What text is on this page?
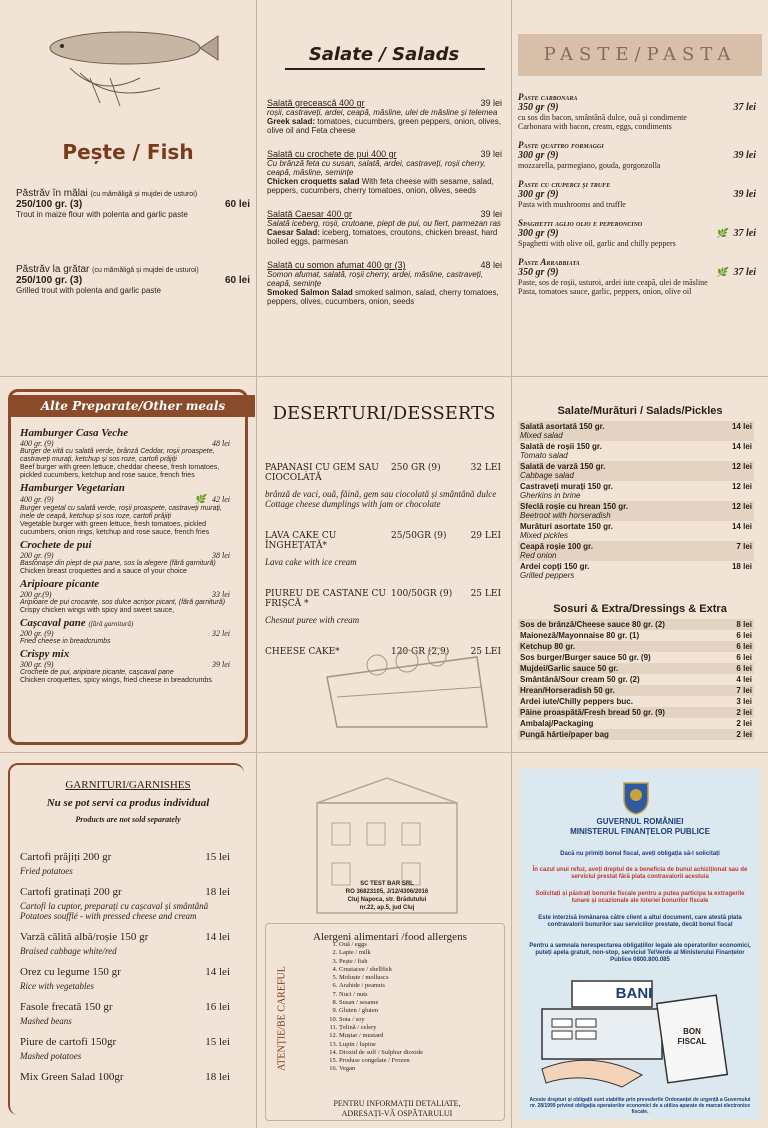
Pește / Fish
Păstrăv în mălai (cu mămăligă și mujdei de usturoi)
250/100 gr. (3)	60 lei
Trout in maize flour with polenta and garlic paste
Păstrăv la grătar (cu mămăligă și mujdei de usturoi)
250/100 gr. (3)	60 lei
Grilled trout with polenta and garlic paste
Salate / Salads
Salată grecească 400 gr	39 lei
roșii, castraveți, ardei, ceapă, măsline, ulei de măsline și telemea
Greek salad: tomatoes, cucumbers, green peppers, onion, olives, olive oil and Feta cheese
Salată cu crochete de pui 400 gr	39 lei
Cu brânză feta cu susan, salată, ardei, castraveți, roșii cherry, ceapă, măsline, semințe
Chicken croquetts salad With feta cheese with sesame, salad, peppers, cucumbers, cherry tomatoes, onion, olives, seeds
Salată Caesar 400 gr	39 lei
Salată iceberg, roșii, crutoane, piept de pui, ou fiert, parmezan ras
Caesar Salad: iceberg, tomatoes, croutons, chicken breast, hard boiled eggs, parmesan
Salată cu somon afumat 400 gr (3)	48 lei
Somon afumat, salată, roșii cherry, ardei, măsline, castraveți, ceapă, semințe
Smoked Salmon Salad smoked salmon, salad, cherry tomatoes, peppers, olives, cucumbers, onion, seeds
PASTE/PASTA
Paste carbonara
350 gr (9)	37 lei
cu sos din bacon, smântână dulce, ouă și condimente
Carbonara with bacon, cream, eggs, condiments
Paste quattro formaggi
300 gr (9)	39 lei
mozzarella, parmegiano, gouda, gorgonzolla
Paste cu ciuperci și trufe
300 gr (9)	39 lei
Pasta with mushrooms and truffle
Spaghetti aglio olio e peperoncino
300 gr (9)	🌿 37 lei
Spaghetti with olive oil, garlic and chilly peppers
Paste Arrabbiata
350 gr (9)	🌿 37 lei
Paste, sos de roșii, usturoi, ardei iute ceapă, ulei de măsline
Pasta, tomatoes sauce, garlic, peppers, onion, olive oil
Alte Preparate/Other meals
Hamburger Casa Veche
400 gr. (9)	48 lei
Burger de vită cu salată verde, brânză Ceddar, roșii proaspete, castraveți murați, ketchup și sos roze, cartofi prăjiți
Beef burger with green lettuce, cheddar cheese, fresh tomatoes, pickled cucumbers, ketchup and rose sauce, french fries
Hamburger Vegetarian
400 gr. (9)	🌿 42 lei
Burger vegetal cu salată verde, roșii proaspete, castraveți murați, inele de ceapă, ketchup și sos roze, cartofi prăjiți
Vegetable burger with green lettuce, fresh tomatoes, pickled cucumbers, onion rings, ketchup and rose sauce, french fries
Crochete de pui
200 gr. (9)	38 lei
Bastonașe din piept de pui pane, sos la alegere (fără garnitură)
Chicken breast croquettes and a sauce of your choice
Aripioare picante
200 gr.(9)	33 lei
Aripioare de pui crocante, sos dulce acrișor picant, (fără garnitură)
Crispy chicken wings with spicy and sweet sauce,
Cașcaval pane (fără garnitură)
200 gr. (9)	32 lei
Fried cheese in breadcrumbs
Crispy mix
300 gr. (9)	39 lei
Crochete de pui, aripioare picante, cașcaval pane
Chicken croquettes, spicy wings, fried cheese in breadcrumbs
DESERTURI/DESSERTS
PAPANAȘI CU GEM SAU CIOCOLATĂ
250 GR (9)	32 LEI
brânză de vaci, ouă, făină, gem sau ciocolată și smântână dulce
Cottage cheese dumplings with jam or chocolate
LAVA CAKE CU ÎNGHEȚATĂ*
25/50GR (9)	29 LEI
Lava cake with ice cream
PIUREU DE CASTANE CU FRIȘCĂ *
100/50GR (9)	25 LEI
Chesnut puree with cream
CHEESE CAKE*	120 GR (2,9)	25 LEI
Salate/Murături / Salads/Pickles
Salată asortată 150 gr.	14 lei
Mixed salad
Salată de roșii 150 gr.	14 lei
Tomato salad
Salată de varză 150 gr.	12 lei
Cabbage salad
Castraveți murați 150 gr.	12 lei
Gherkins in brine
Sfeclă roșie cu hrean 150 gr.	12 lei
Beetroot with horseradish
Murături asortate 150 gr.	14 lei
Mixed pickles
Ceapă roșie 100 gr.	7 lei
Red onion
Ardei copți 150 gr.	18 lei
Grilled peppers
Sosuri & Extra/Dressings & Extra
Sos de brânză/Cheese sauce 80 gr. (2)	8 lei
Maioneză/Mayonnaise 80 gr. (1)	6 lei
Ketchup 80 gr.	6 lei
Sos burger/Burger sauce 50 gr. (9)	6 lei
Mujdei/Garlic sauce 50 gr.	6 lei
Smântână/Sour cream 50 gr. (2)	4 lei
Hrean/Horseradish 50 gr.	7 lei
Ardei iute/Chilly peppers buc.	3 lei
Pâine proaspătă/Fresh bread 50 gr. (9)	2 lei
Ambalaj/Packaging	2 lei
Pungă hârtie/paper bag	2 lei
GARNITURI/GARNISHES
Nu se pot servi ca produs individual
Products are not sold separately
Cartofi prăjiți 200 gr	15 lei
Fried potatoes
Cartofi gratinați 200 gr	18 lei
Cartofi la cuptor, preparați cu cașcaval și smântână Potatoes soufflé - with pressed cheese and cream
Varză călită albă/roșie 150 gr	14 lei
Braised cabbage white/red
Orez cu legume 150 gr	14 lei
Rice with vegetables
Fasole frecată 150 gr	16 lei
Mashed beans
Piure de cartofi 150gr	15 lei
Mashed potatoes
Mix Green Salad 100gr	18 lei
SC TEST BAR SRL
RO 36823105, J/12/4306/2016
Cluj Napoca, str. Brădutului
nr.22, ap.5, jud Cluj
ATENȚIE/BE CAREFUL
Alergeni alimentari /food allergens
1. Ouă / eggs
2. Lapte / milk
3. Pește / fish
4. Crustacee / shellfish
5. Moluște / molluscs
6. Arahide / peanuts
7. Nuci / nuts
8. Susan / sesame
9. Gluten / gluten
10. Soia / soy
11. Țelină / celery
12. Muștar / mustard
13. Lupin / lupine
14. Dioxid de sulf / Sulphur dioxide
15. Produse congelate / Frozen
16. Vegan
PENTRU INFORMAȚII DETALIATE,
ADRESAȚI-VĂ OSPĂTARULUI
GUVERNUL ROMÂNIEI
MINISTERUL FINANȚELOR PUBLICE
Dacă nu primiți bonul fiscal, aveți obligația să-l solicitați
În cazul unui refuz, aveți dreptul de a beneficia de bunul achiziționat sau de serviciul prestat fără plata contravalorii acestuia
Solicitați și păstrați bonurile fiscale pentru a putea participa la extragerile lunare și ocazionale ale loteriei bonurilor fiscale
Este interzisă înmânarea către client a altui document, care atestă plata contravalorii bunurilor sau serviciilor prestate, decât bonul fiscal
Pentru a semnala nerespectarea obligațiilor legale ale operatorilor economici, puteți apela gratuit, non-stop, serviciul TelVerde al Ministerului Finanțelor Publice 0800.800.085
BANI
BON
FISCAL
Aceste drepturi și obligații sunt stabilite prin prevederile Ordonanței de urgență a Guvernului nr. 28/1999 privind obligația operatorilor economici de a utiliza aparate de marcat electronice fiscale.
